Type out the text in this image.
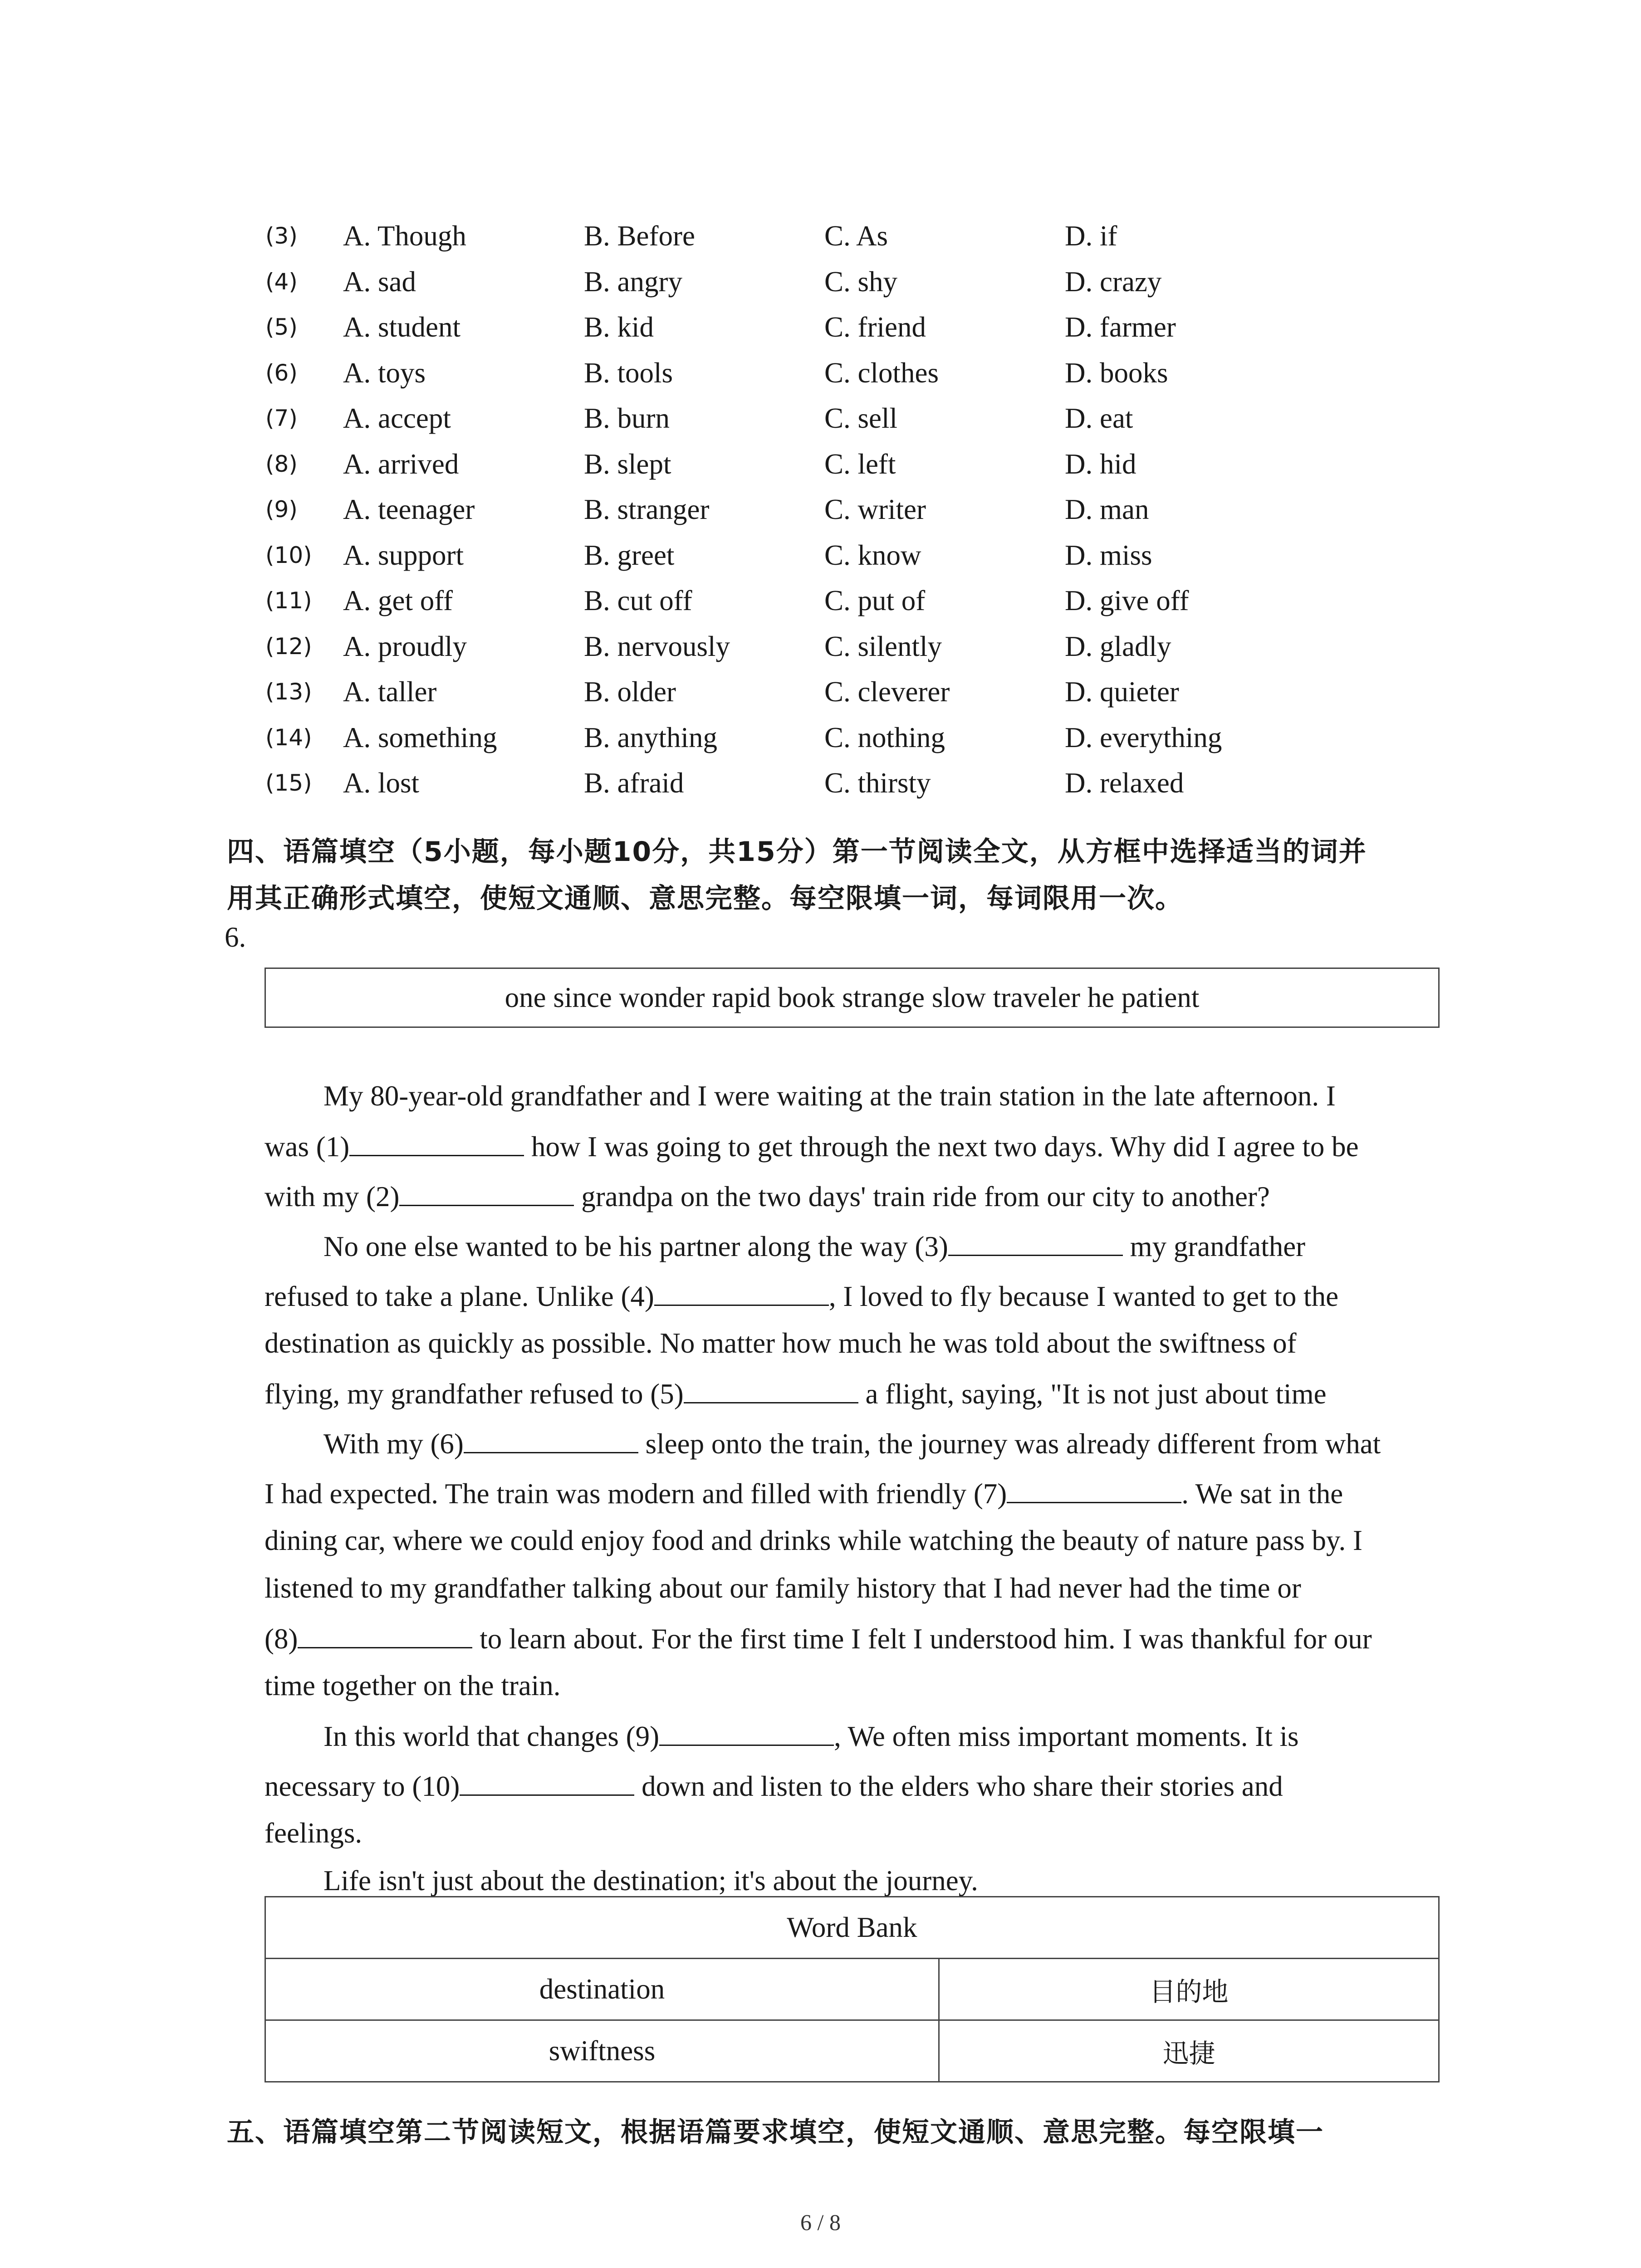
(3) A. Though	B. Before	C. As	D. if
(4) A. sad	B. angry	C. shy	D. crazy
(5) A. student	B. kid	C. friend	D. farmer
(6) A. toys	B. tools	C. clothes	D. books
(7) A. accept	B. burn	C. sell	D. eat
(8) A. arrived	B. slept	C. left	D. hid
(9) A. teenager	B. stranger	C. writer	D. man
(10) A. support	B. greet	C. know	D. miss
(11) A. get off	B. cut off	C. put of	D. give off
(12) A. proudly	B. nervously	C. silently	D. gladly
(13) A. taller	B. older	C. cleverer	D. quieter
(14) A. something	B. anything	C. nothing	D. everything
(15) A. lost	B. afraid	C. thirsty	D. relaxed
四、语篇填空（5小题，每小题10分，共15分）第一节阅读全文，从方框中选择适当的词并
用其正确形式填空，使短文通顺、意思完整。每空限填一词，每词限用一次。
6.
one since wonder rapid book strange slow traveler he patient
My 80-year-old grandfather and I were waiting at the train station in the late afternoon. I
was (1)	how I was going to get through the next two days. Why did I agree to be
with my (2)	grandpa on the two days' train ride from our city to another?
No one else wanted to be his partner along the way (3)	my grandfather
refused to take a plane. Unlike (4)	, I loved to fly because I wanted to get to the
destination as quickly as possible. No matter how much he was told about the swiftness of
flying, my grandfather refused to (5)	a flight, saying, "It is not just about time
With my (6)	sleep onto the train, the journey was already different from what
I had expected. The train was modern and filled with friendly (7)	. We sat in the
dining car, where we could enjoy food and drinks while watching the beauty of nature pass by. I
listened to my grandfather talking about our family history that I had never had the time or
(8)	to learn about. For the first time I felt I understood him. I was thankful for our
time together on the train.
In this world that changes (9)	, We often miss important moments. It is
necessary to (10)	down and listen to the elders who share their stories and
feelings.
Life isn't just about the destination; it's about the journey.
Word Bank	
destination	目的地
swiftness	迅捷
五、语篇填空第二节阅读短文，根据语篇要求填空，使短文通顺、意思完整。每空限填一
6 / 8
